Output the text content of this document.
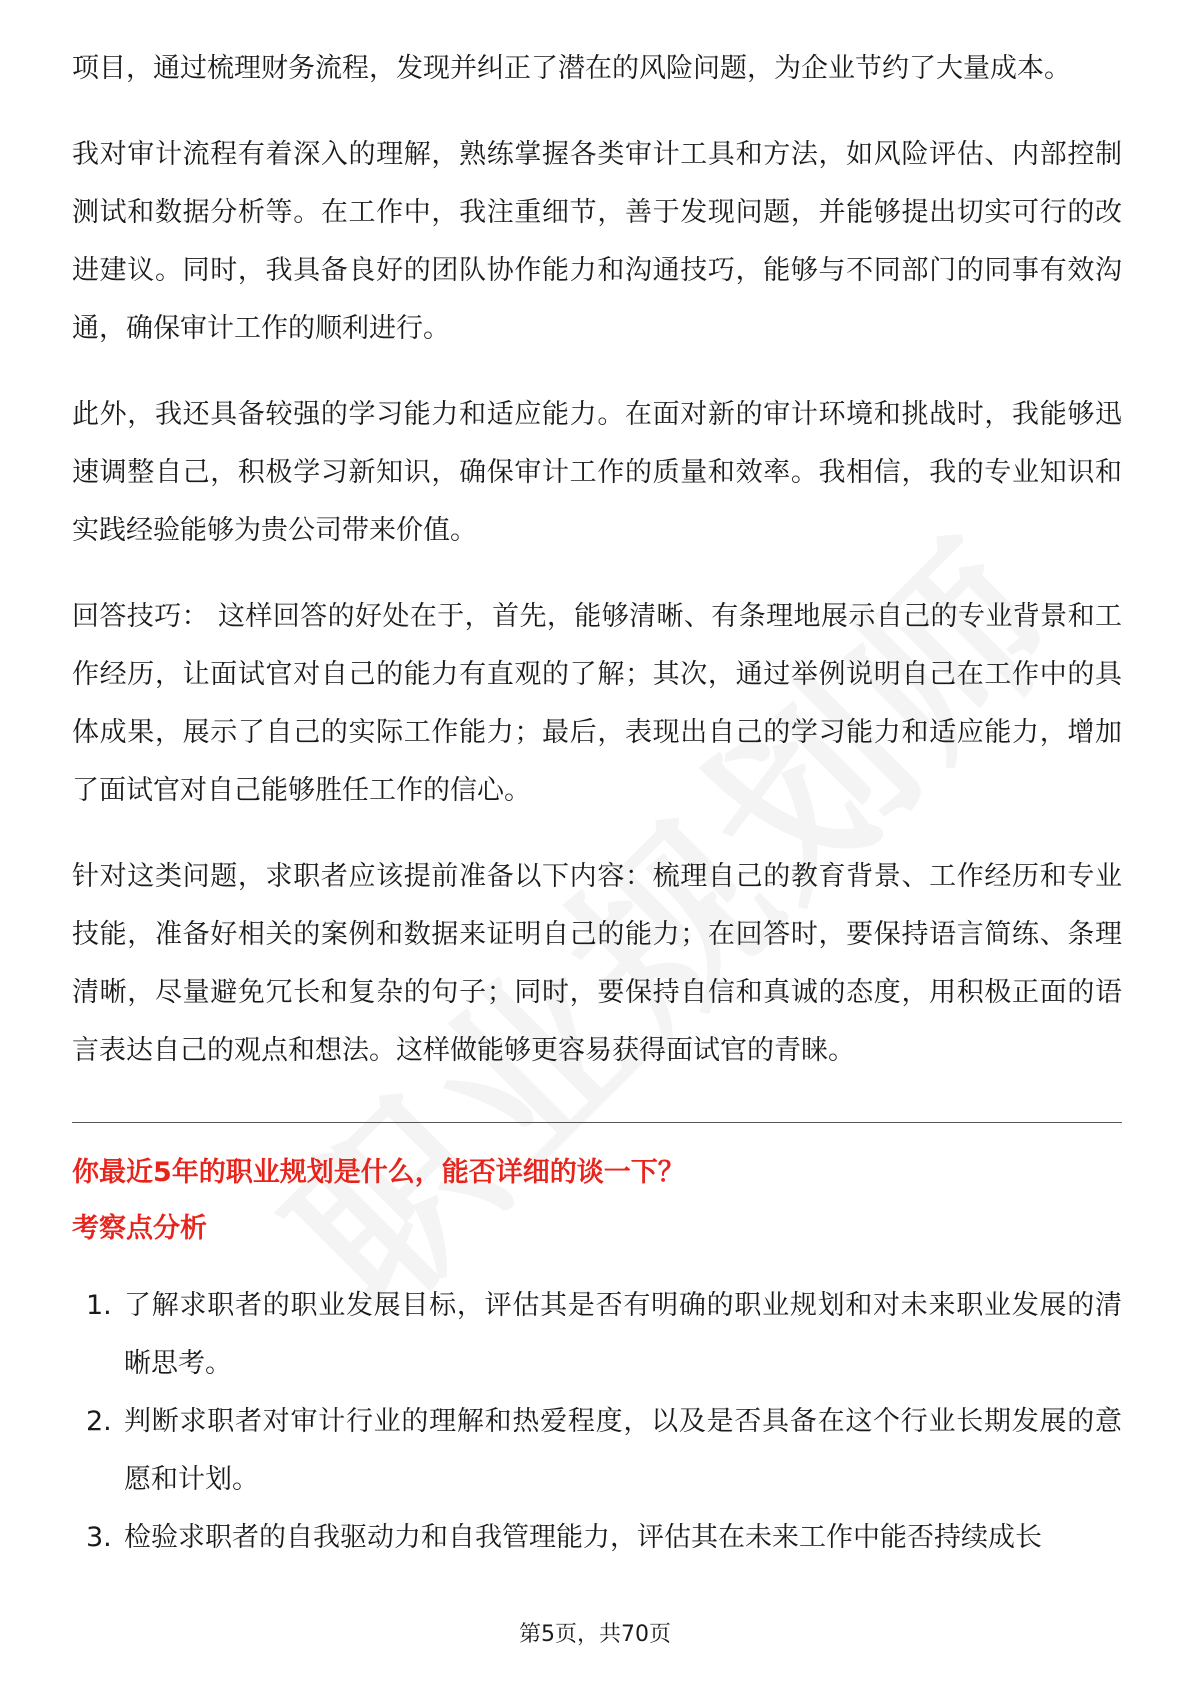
项目，通过梳理财务流程，发现并纠正了潜在的风险问题，为企业节约了大量成本。

我对审计流程有着深入的理解，熟练掌握各类审计工具和方法，如风险评估、内部控制测试和数据分析等。在工作中，我注重细节，善于发现问题，并能够提出切实可行的改进建议。同时，我具备良好的团队协作能力和沟通技巧，能够与不同部门的同事有效沟通，确保审计工作的顺利进行。

此外，我还具备较强的学习能力和适应能力。在面对新的审计环境和挑战时，我能够迅速调整自己，积极学习新知识，确保审计工作的质量和效率。我相信，我的专业知识和实践经验能够为贵公司带来价值。

回答技巧： 这样回答的好处在于，首先，能够清晰、有条理地展示自己的专业背景和工作经历，让面试官对自己的能力有直观的了解；其次，通过举例说明自己在工作中的具体成果，展示了自己的实际工作能力；最后，表现出自己的学习能力和适应能力，增加了面试官对自己能够胜任工作的信心。

针对这类问题，求职者应该提前准备以下内容：梳理自己的教育背景、工作经历和专业技能，准备好相关的案例和数据来证明自己的能力；在回答时，要保持语言简练、条理清晰，尽量避免冗长和复杂的句子；同时，要保持自信和真诚的态度，用积极正面的语言表达自己的观点和想法。这样做能够更容易获得面试官的青睐。

你最近5年的职业规划是什么，能否详细的谈一下？
考察点分析
1. 了解求职者的职业发展目标，评估其是否有明确的职业规划和对未来职业发展的清晰思考。
2. 判断求职者对审计行业的理解和热爱程度，以及是否具备在这个行业长期发展的意愿和计划。
3. 检验求职者的自我驱动力和自我管理能力，评估其在未来工作中能否持续成长
第5页，共70页
